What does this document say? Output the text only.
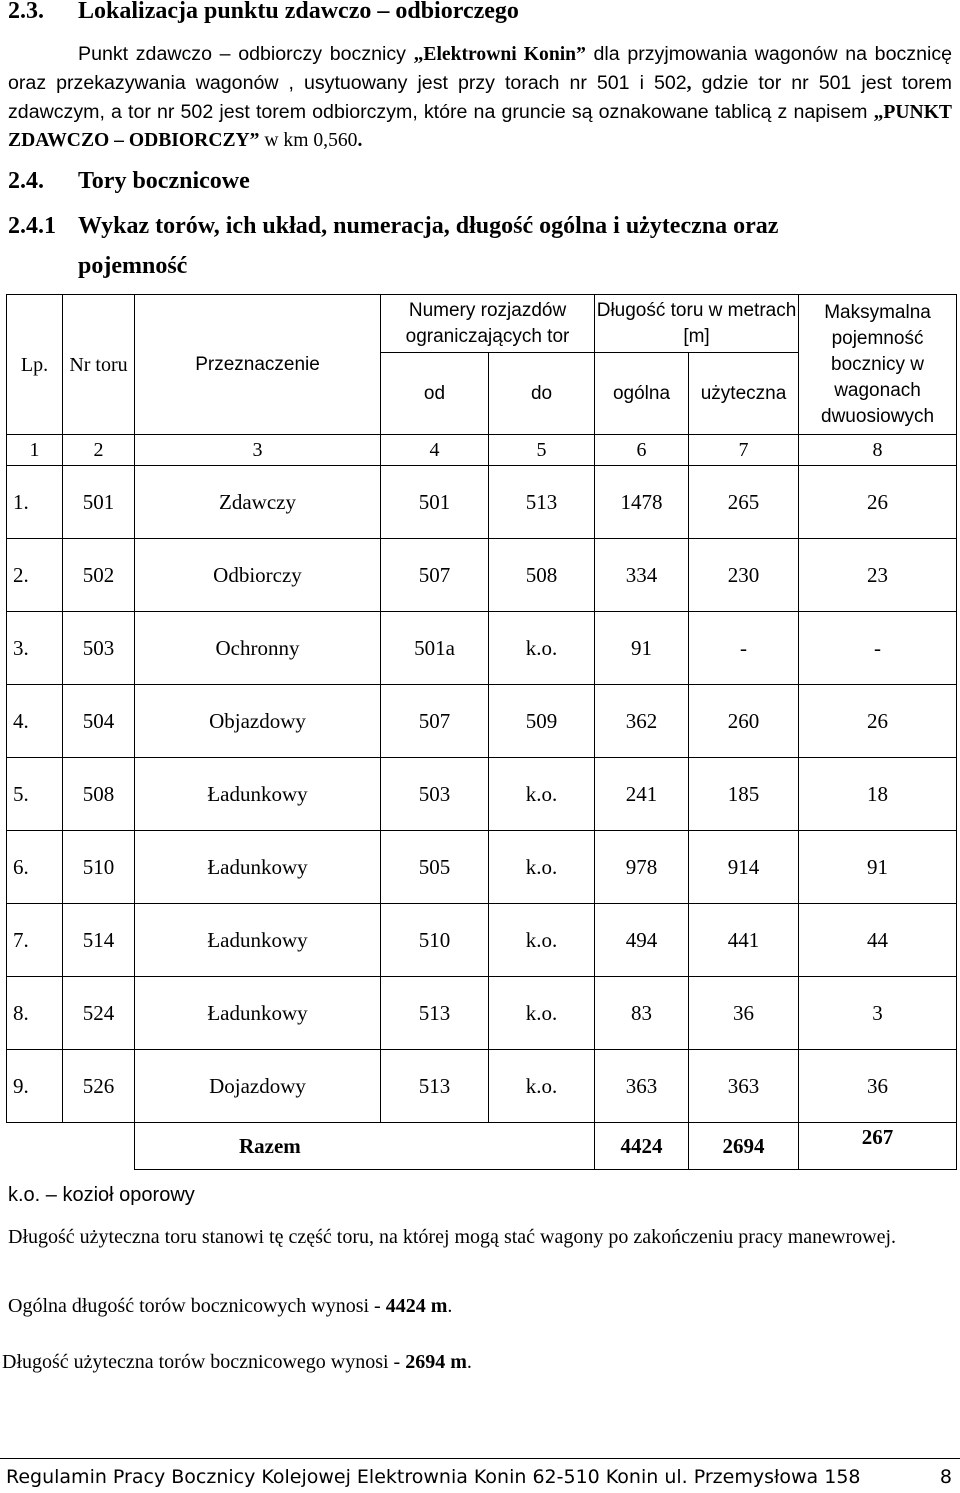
2.3. Lokalizacja punktu zdawczo – odbiorczego
Punkt zdawczo – odbiorczy bocznicy „Elektrowni Konin” dla przyjmowania wagonów na bocznicę oraz przekazywania wagonów , usytuowany jest przy torach nr 501 i 502, gdzie tor nr 501 jest torem zdawczym, a tor nr 502 jest torem odbiorczym, które na gruncie są oznakowane tablicą z napisem „PUNKT ZDAWCZO – ODBIORCZY” w km 0,560.
2.4. Tory bocznicowe
2.4.1 Wykaz torów, ich układ, numeracja, długość ogólna i użyteczna oraz
pojemność
Lp.	Nr toru	Przeznaczenie	Numery rozjazdów ograniczających tor		Długość toru w metrach [m]		Maksymalna pojemność bocznicy w wagonach dwuosiowych
			od	do	ogólna	użyteczna	
1	2	3	4	5	6	7	8
1.	501	Zdawczy	501	513	1478	265	26
2.	502	Odbiorczy	507	508	334	230	23
3.	503	Ochronny	501a	k.o.	91	-	-
4.	504	Objazdowy	507	509	362	260	26
5.	508	Ładunkowy	503	k.o.	241	185	18
6.	510	Ładunkowy	505	k.o.	978	914	91
7.	514	Ładunkowy	510	k.o.	494	441	44
8.	524	Ładunkowy	513	k.o.	83	36	3
9.	526	Dojazdowy	513	k.o.	363	363	36
		Razem			4424	2694	267
k.o. – kozioł oporowy
Długość użyteczna toru stanowi tę część toru, na której mogą stać wagony po zakończeniu pracy manewrowej.
Ogólna długość torów bocznicowych wynosi - 4424 m.
Długość użyteczna torów bocznicowego wynosi - 2694 m.
Regulamin Pracy Bocznicy Kolejowej Elektrownia Konin 62-510 Konin ul. Przemysłowa 158	8
